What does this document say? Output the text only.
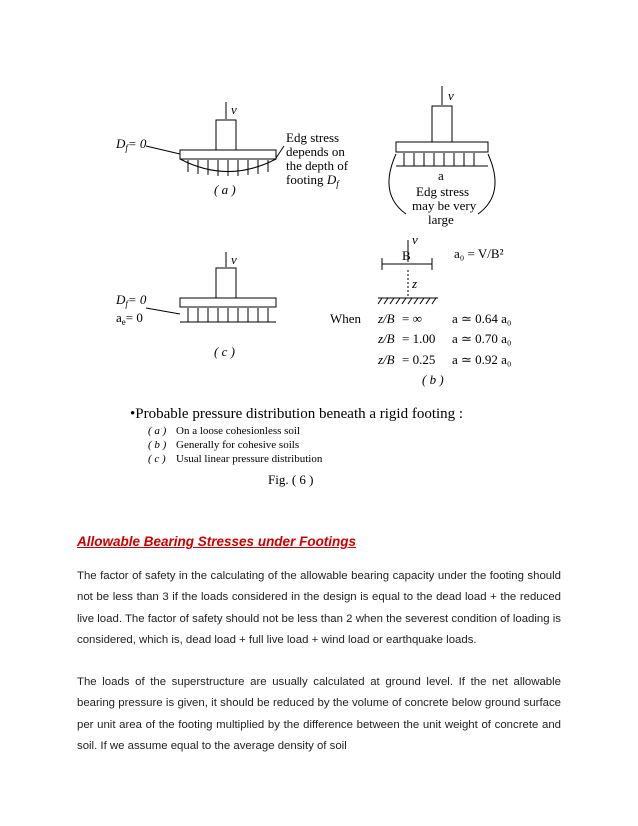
v
$D_f= 0$	Edg stress
depends on
the depth of
footing $D_f$
( a )
v
a
Edg stress
may be very
large
v
$D_f= 0$
$a_e= 0$
( c )
v
B	a₀ = V/B²
z
When z/B = ∞ a ≃ 0.64 a₀
z/B = 1.00 a ≃ 0.70 a₀
z/B = 0.25 a ≃ 0.92 a₀
( b )
•Probable pressure distribution beneath a rigid footing :
( a ) On a loose cohesionless soil
( b ) Generally for cohesive soils
( c ) Usual linear pressure distribution
Fig. ( 6 )
Allowable Bearing Stresses under Footings
The factor of safety in the calculating of the allowable bearing capacity under the footing should not be less than 3 if the loads considered in the design is equal to the dead load + the reduced live load. The factor of safety should not be less than 2 when the severest condition of loading is considered, which is, dead load + full live load + wind load or earthquake loads.
The loads of the superstructure are usually calculated at ground level. If the net allowable bearing pressure is given, it should be reduced by the volume of concrete below ground surface per unit area of the footing multiplied by the difference between the unit weight of concrete and soil. If we assume equal to the average density of soil
